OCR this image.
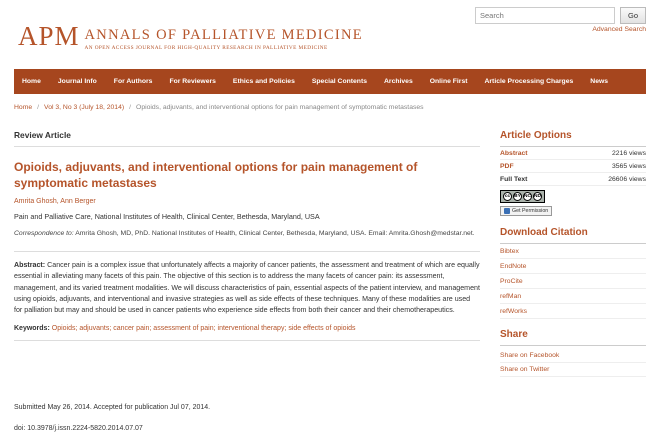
APM ANNALS OF PALLIATIVE MEDICINE
AN OPEN ACCESS JOURNAL FOR HIGH-QUALITY RESEARCH IN PALLIATIVE MEDICINE
Search
Go
Advanced Search
Home	Journal Info	For Authors	For Reviewers	Ethics and Policies	Special Contents	Archives	Online First	Article Processing Charges	News
Home / Vol 3, No 3 (July 18, 2014) / Opioids, adjuvants, and interventional options for pain management of symptomatic metastases
Review Article
Opioids, adjuvants, and interventional options for pain management of symptomatic metastases
Amrita Ghosh, Ann Berger
Pain and Palliative Care, National Institutes of Health, Clinical Center, Bethesda, Maryland, USA
Correspondence to: Amrita Ghosh, MD, PhD. National Institutes of Health, Clinical Center, Bethesda, Maryland, USA. Email: Amrita.Ghosh@medstar.net.
Abstract: Cancer pain is a complex issue that unfortunately affects a majority of cancer patients, the assessment and treatment of which are equally essential in alleviating many facets of this pain. The objective of this section is to address the many facets of cancer pain: its assessment, management, and its varied treatment modalities. We will discuss characteristics of pain, essential aspects of the patient interview, and management using opioids, adjuvants, and interventional and invasive strategies as well as side effects of these techniques. Many of these modalities are used for palliation but may and should be used in cancer patients who experience side effects from both their cancer and their chemotherapeutics.
Keywords: Opioids; adjuvants; cancer pain; assessment of pain; interventional therapy; side effects of opioids
Submitted May 26, 2014. Accepted for publication Jul 07, 2014.
doi: 10.3978/j.issn.2224-5820.2014.07.07
Article Options
Abstract	2216 views
PDF	3565 views
Full Text	26606 views
cc BY NC ND

Get Permission
Download Citation
Bibtex
EndNote
ProCite
refMan
refWorks
Share
Share on Facebook
Share on Twitter
